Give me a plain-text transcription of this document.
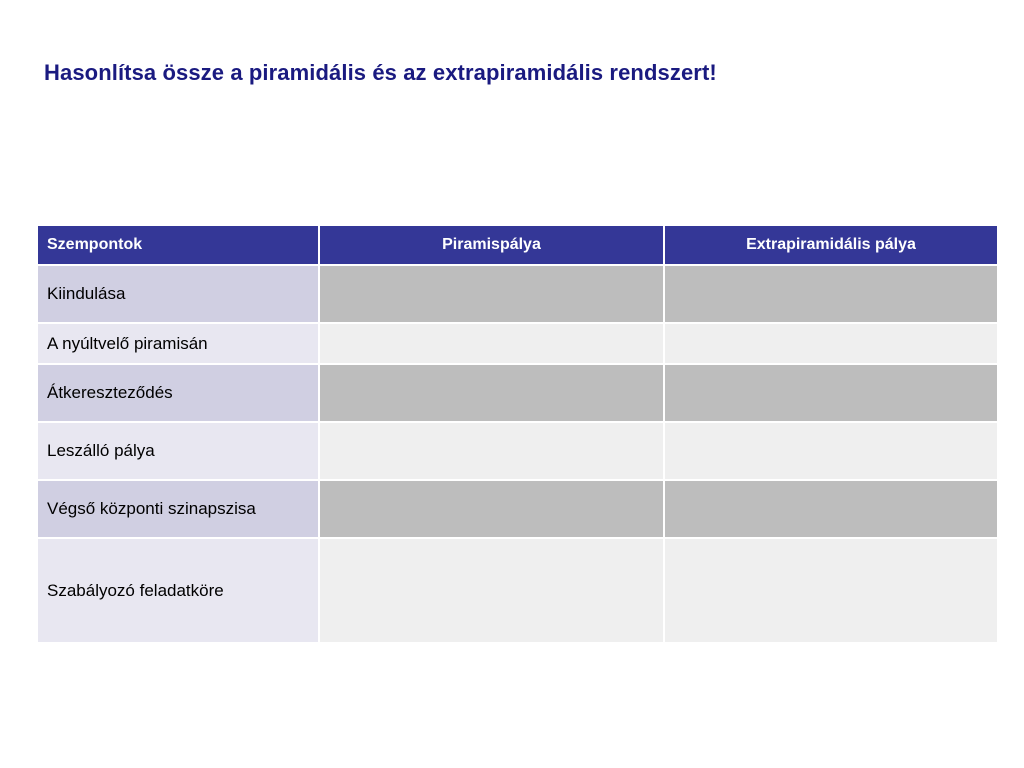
Hasonlítsa össze a piramidális és az extrapiramidális rendszert!
Szempontok	Piramispálya	Extrapiramidális pálya
Kiindulása		
A nyúltvelő piramisán		
Átkereszteződés		
Leszálló pálya		
Végső központi szinapszisa		
Szabályozó feladatköre		
